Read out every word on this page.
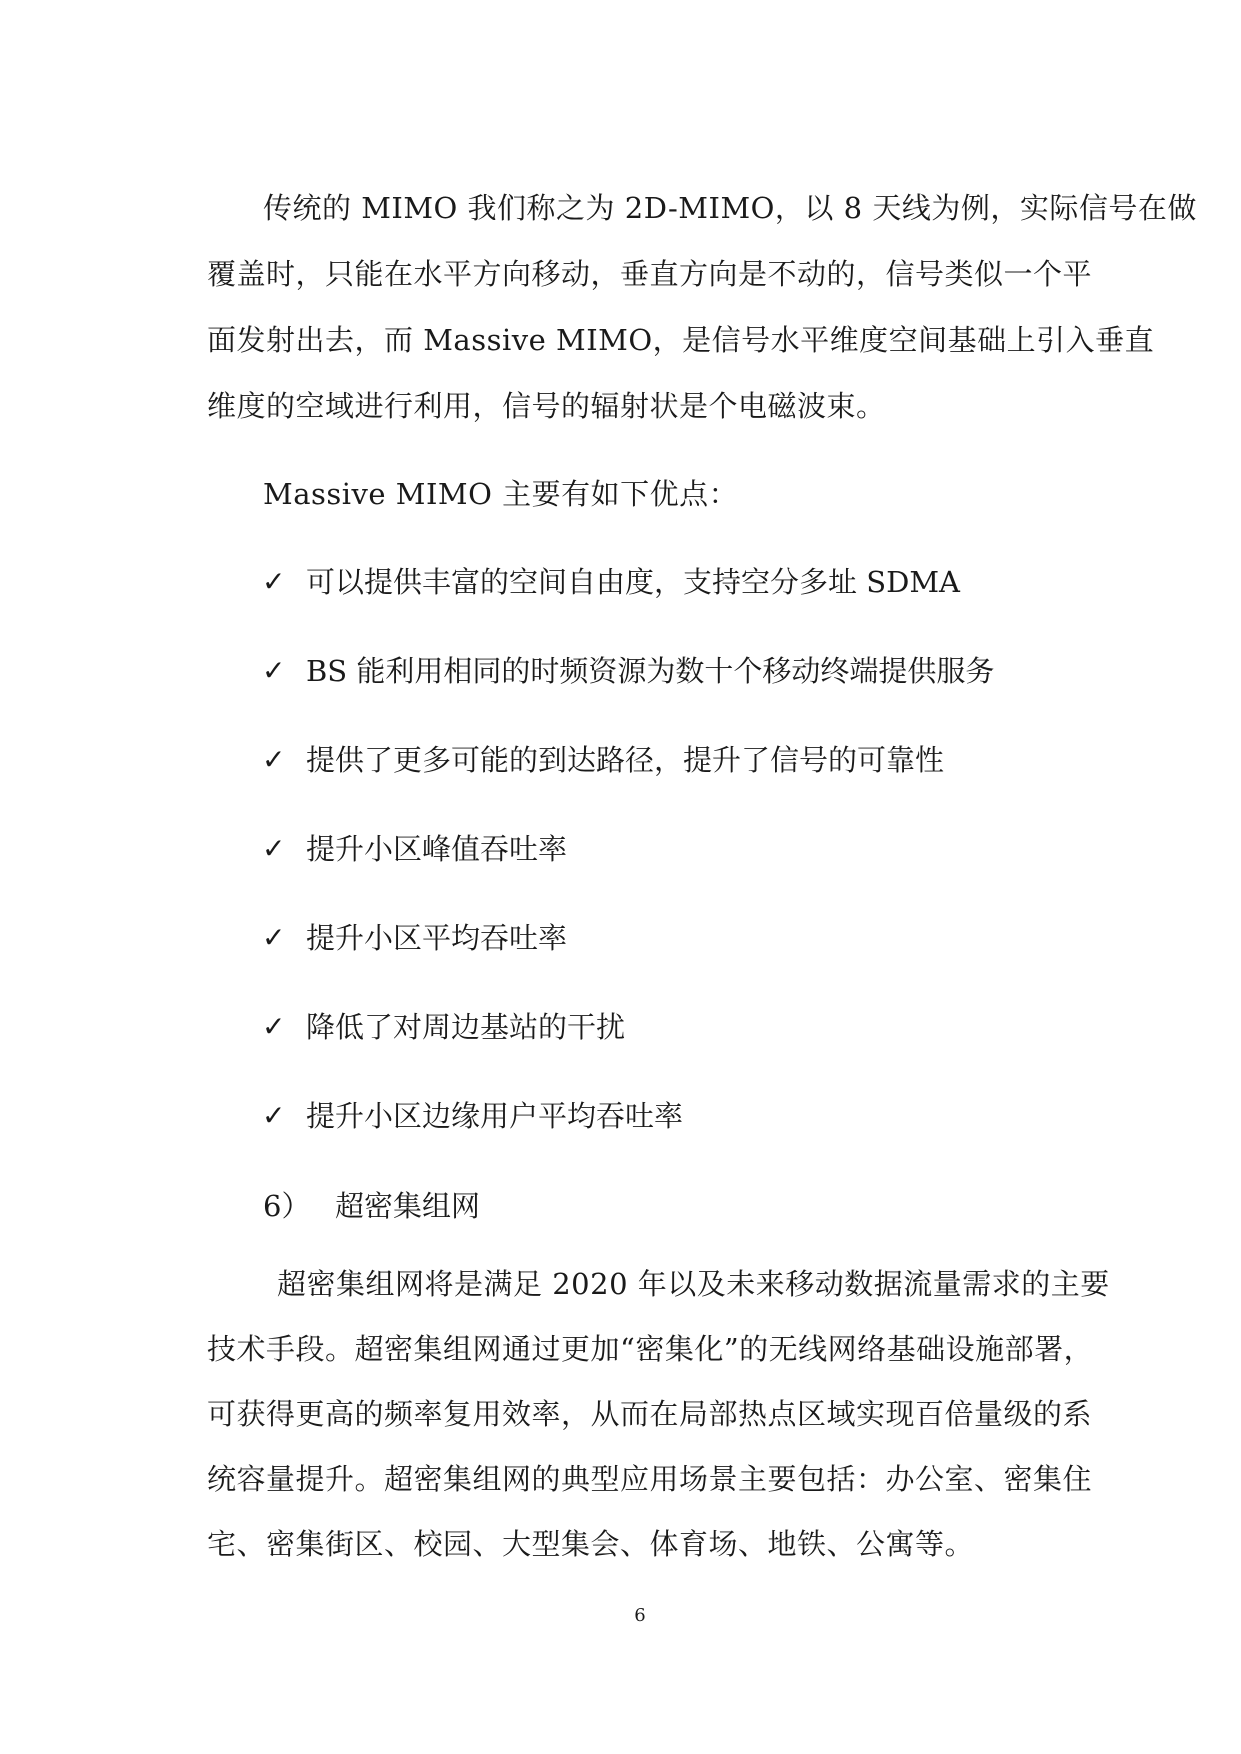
传统的 MIMO 我们称之为 2D-MIMO，以 8 天线为例，实际信号在做
覆盖时，只能在水平方向移动，垂直方向是不动的，信号类似一个平
面发射出去，而 Massive MIMO，是信号水平维度空间基础上引入垂直
维度的空域进行利用，信号的辐射状是个电磁波束。
Massive MIMO 主要有如下优点：
✓ 可以提供丰富的空间自由度，支持空分多址 SDMA
✓ BS 能利用相同的时频资源为数十个移动终端提供服务
✓ 提供了更多可能的到达路径，提升了信号的可靠性
✓ 提升小区峰值吞吐率
✓ 提升小区平均吞吐率
✓ 降低了对周边基站的干扰
✓ 提升小区边缘用户平均吞吐率
6） 超密集组网
超密集组网将是满足 2020 年以及未来移动数据流量需求的主要
技术手段。超密集组网通过更加“密集化”的无线网络基础设施部署，
可获得更高的频率复用效率，从而在局部热点区域实现百倍量级的系
统容量提升。超密集组网的典型应用场景主要包括：办公室、密集住
宅、密集街区、校园、大型集会、体育场、地铁、公寓等。
6
